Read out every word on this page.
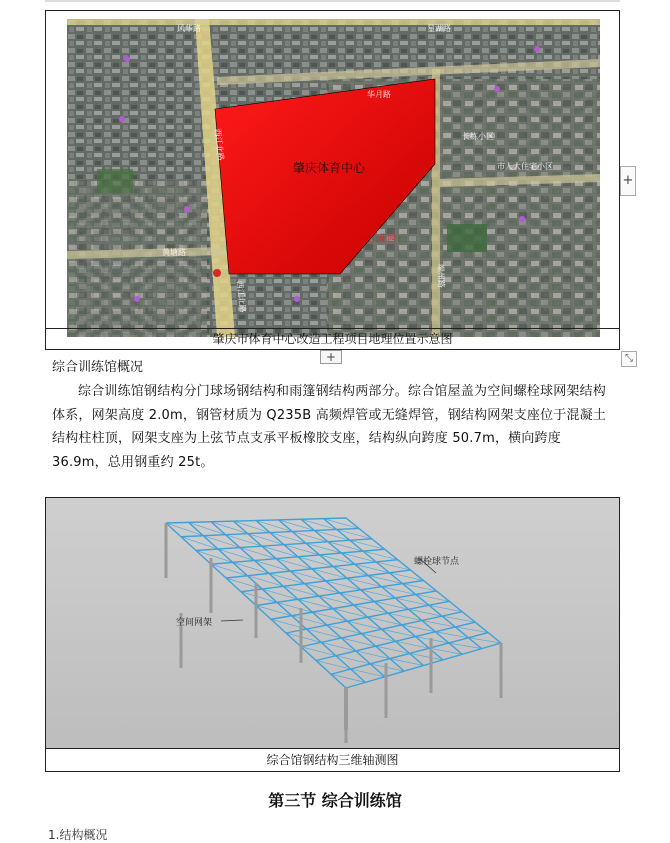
肇庆体育中心
风华路	星湖路
华月路
西江北路
西江北路
端州路
黄塘路
东花园
长练小区
市人大住宅小区
肇庆市体育中心改造工程项目地理位置示意图
+
+	⤡
综合训练馆概况
综合训练馆钢结构分门球场钢结构和雨篷钢结构两部分。综合馆屋盖为空间螺栓球网架结构体系，网架高度 2.0m，钢管材质为 Q235B 高频焊管或无缝焊管，钢结构网架支座位于混凝土结构柱柱顶，网架支座为上弦节点支承平板橡胶支座，结构纵向跨度 50.7m，横向跨度 36.9m，总用钢重约 25t。
螺栓球节点
空间网架
综合馆钢结构三维轴测图
第三节 综合训练馆
1.结构概况
